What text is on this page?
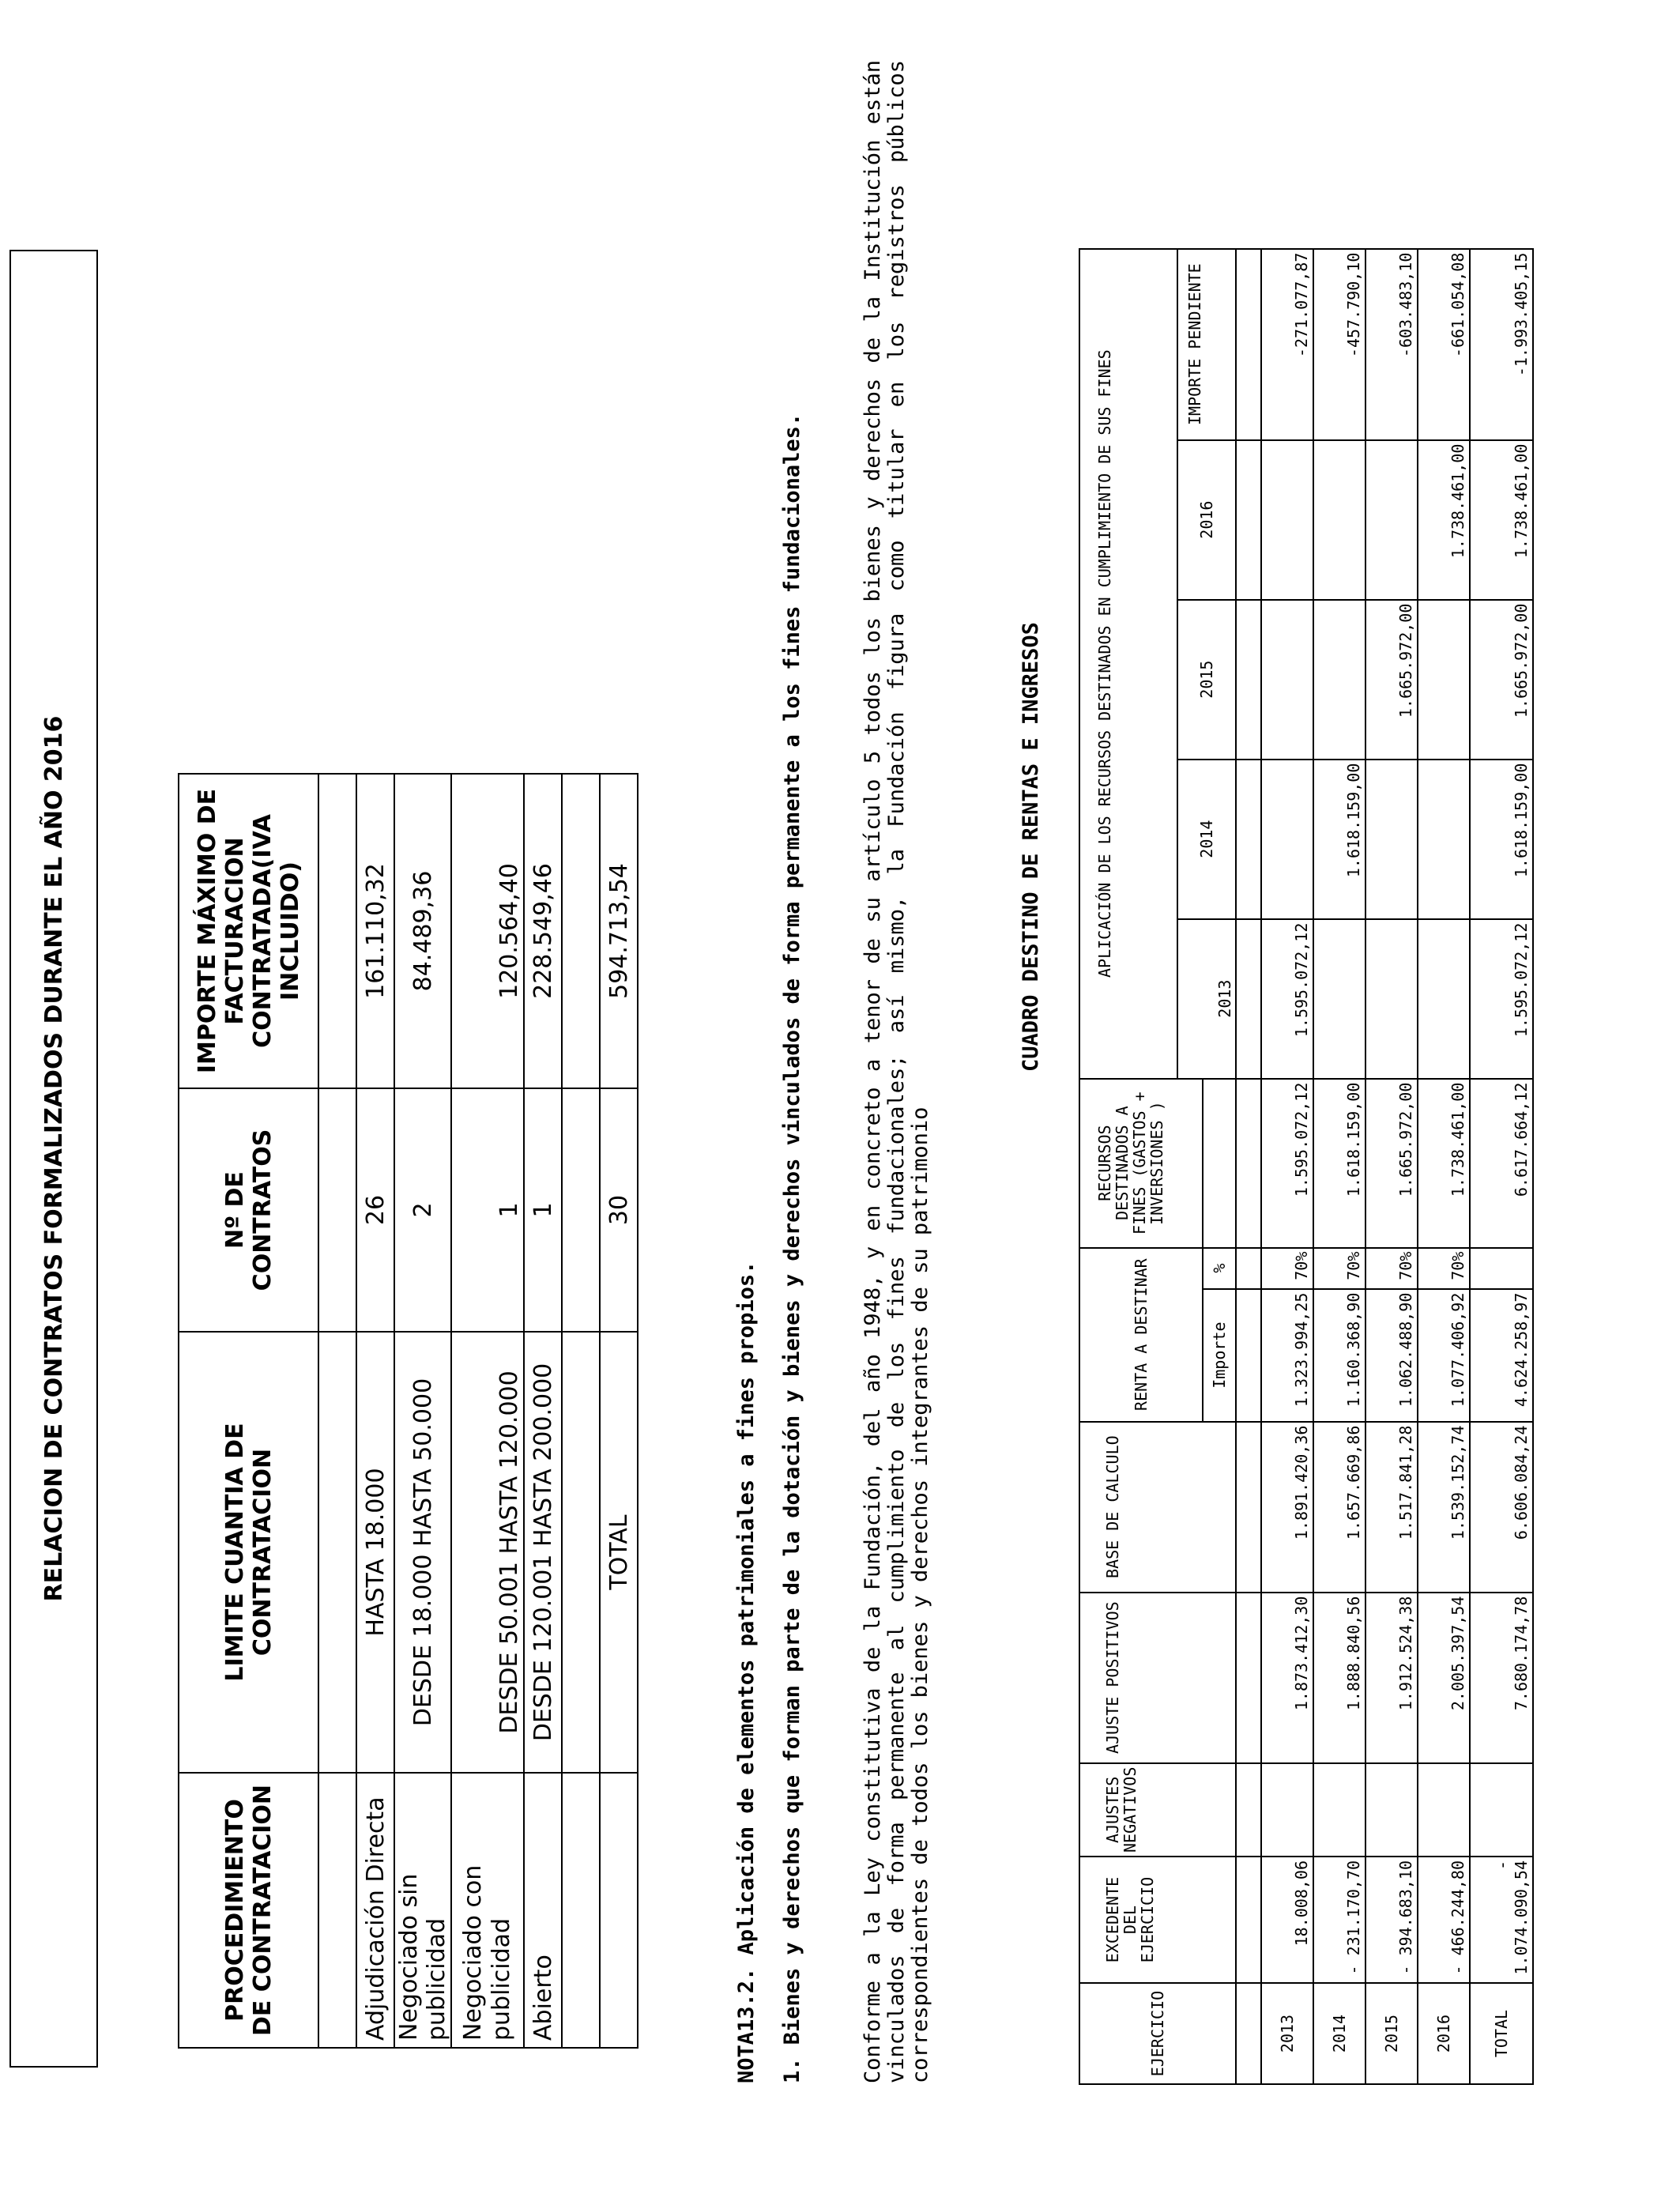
RELACION DE CONTRATOS FORMALIZADOS DURANTE EL AÑO 2016
PROCEDIMIENTO DE CONTRATACION	LIMITE CUANTIA DE CONTRATACION	Nº DE CONTRATOS	IMPORTE MÁXIMO DE FACTURACION CONTRATADA(IVA INCLUIDO)

Adjudicación Directa	HASTA 18.000	26	161.110,32
Negociado sin publicidad	DESDE 18.000 HASTA 50.000	2	84.489,36
Negociado con publicidad	DESDE 50.001 HASTA 120.000	1	120.564,40
Abierto	DESDE 120.001 HASTA 200.000	1	228.549,46

	TOTAL	30	594.713,54
NOTA13.2. Aplicación de elementos patrimoniales a fines propios. 1. Bienes y derechos que forman parte de la dotación y bienes y derechos vinculados de forma permanente a los fines fundacionales.	Conforme a la Ley constitutiva de la Fundación, del año 1948, y en concreto a tenor de su artículo 5 todos los bienes y derechos de la Institución están vinculados de forma permanente al cumplimiento de los fines fundacionales; así mismo, la Fundación figura como titular en los registros públicos correspondientes de todos los bienes y derechos integrantes de su patrimonio
CUADRO DESTINO DE RENTAS E INGRESOS
EJERCICIO	EXCEDENTE DEL EJERCICIO	AJUSTES NEGATIVOS	AJUSTE POSITIVOS	BASE DE CALCULO	RENTA A DESTINAR		RECURSOS DESTINADOS A FINES (GASTOS + INVERSIONES )	APLICACIÓN DE LOS RECURSOS DESTINADOS EN CUMPLIMIENTO DE SUS FINES				
								2013	2014	2015	2016	IMPORTE PENDIENTE
					Importe	%						

2013	18.008,06		1.873.412,30	1.891.420,36	1.323.994,25	70%	1.595.072,12	1.595.072,12				-271.077,87
2014	- 231.170,70		1.888.840,56	1.657.669,86	1.160.368,90	70%	1.618.159,00		1.618.159,00			-457.790,10
2015	- 394.683,10		1.912.524,38	1.517.841,28	1.062.488,90	70%	1.665.972,00			1.665.972,00		-603.483,10
2016	- 466.244,80		2.005.397,54	1.539.152,74	1.077.406,92	70%	1.738.461,00				1.738.461,00	-661.054,08
TOTAL	- 1.074.090,54		7.680.174,78	6.606.084,24	4.624.258,97		6.617.664,12	1.595.072,12	1.618.159,00	1.665.972,00	1.738.461,00	-1.993.405,15
